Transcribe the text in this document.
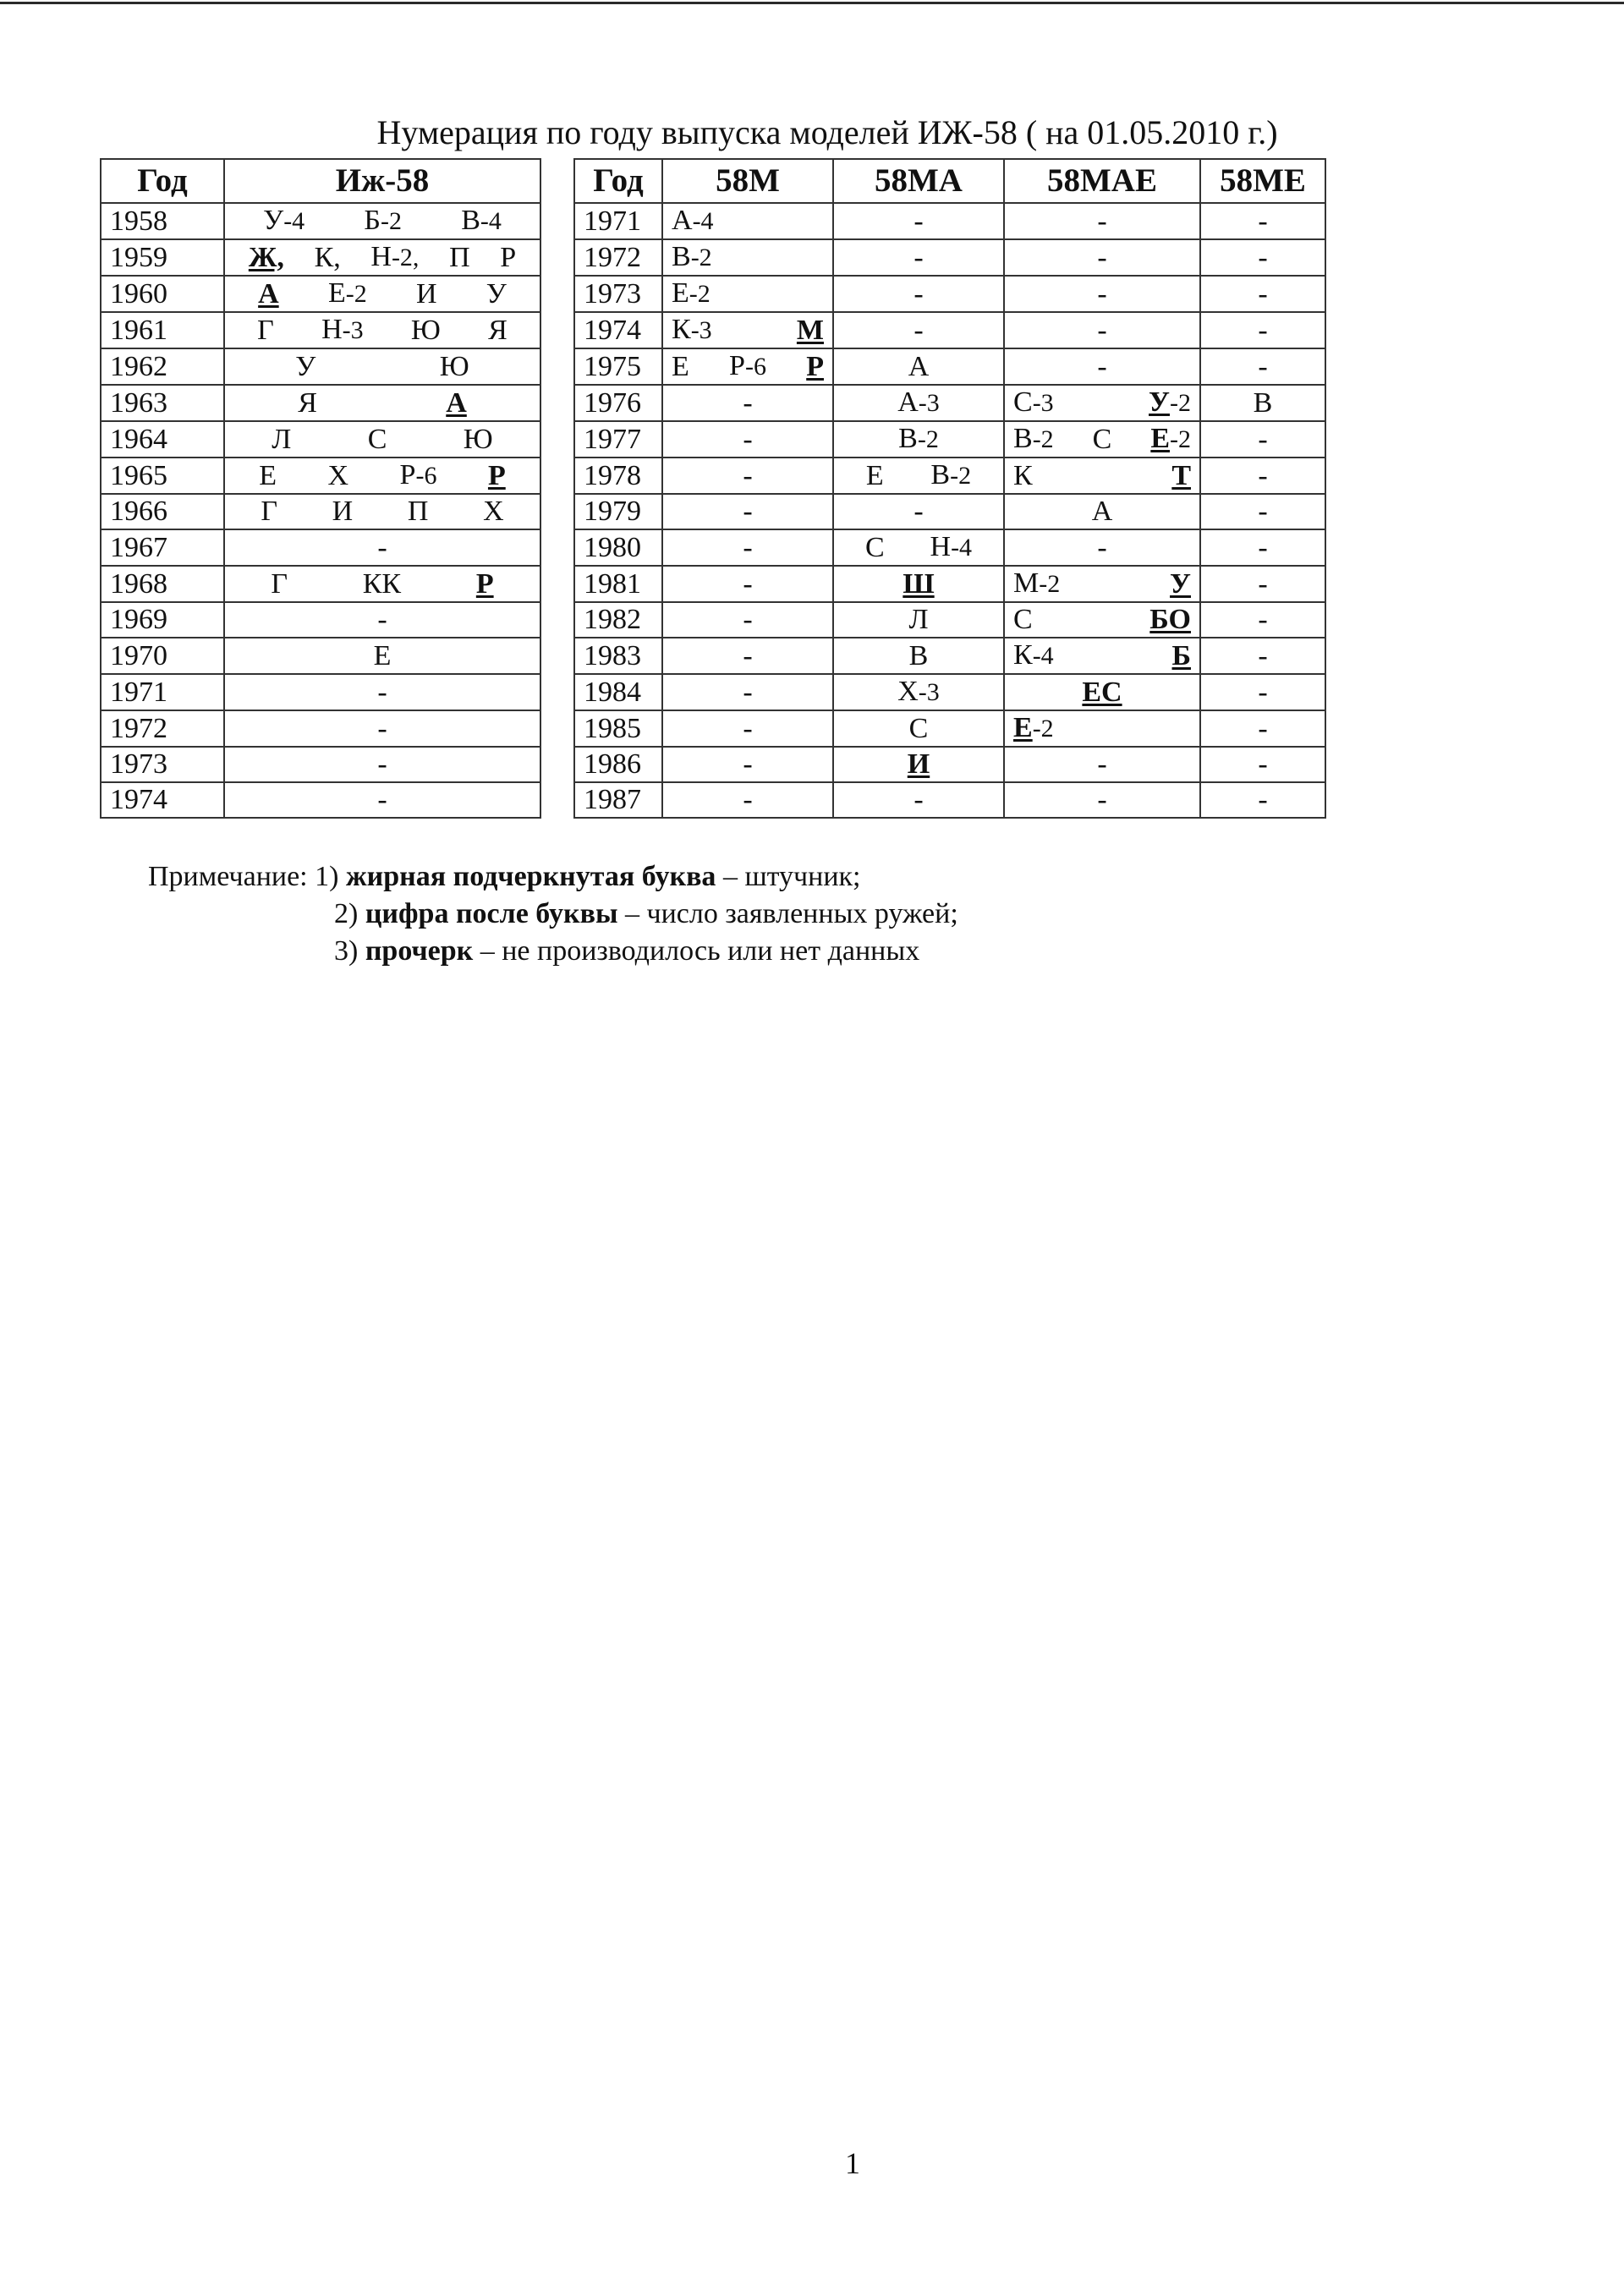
Нумерация по году выпуска моделей ИЖ-58 ( на 01.05.2010 г.)
Год	Иж-58		Год	58М	58МА	58МАЕ	58МЕ
1958	У-4 Б-2 В-4		1971	А-4	-	-	-

1959	Ж, К, Н-2, П Р		1972	В-2	-	-	-

1960	А Е-2 И У		1973	Е-2	-	-	-

1961	Г Н-3 Ю Я		1974	К-3 М	-	-	-

1962	У Ю		1975	Е Р-6 Р	А	-	-

1963	Я А		1976	-	А-3	С-3 У-2	В

1964	Л С Ю		1977	-	В-2	В-2 С Е-2	-

1965	Е Х Р-6 Р		1978	-	Е В-2	К Т	-

1966	Г И П Х		1979	-	-	А	-

1967	-		1980	-	С Н-4	-	-

1968	Г КК Р		1981	-	Ш	М-2 У	-

1969	-		1982	-	Л	С БО	-

1970	Е		1983	-	В	К-4 Б	-

1971	-		1984	-	Х-3	ЕС	-

1972	-		1985	-	С	Е-2	-

1973	-		1986	-	И	-	-

1974	-		1987	-	-	-	-
Примечание: 1) жирная подчеркнутая буква – штучник;
2) цифра после буквы – число заявленных ружей;
3) прочерк – не производилось или нет данных
1
